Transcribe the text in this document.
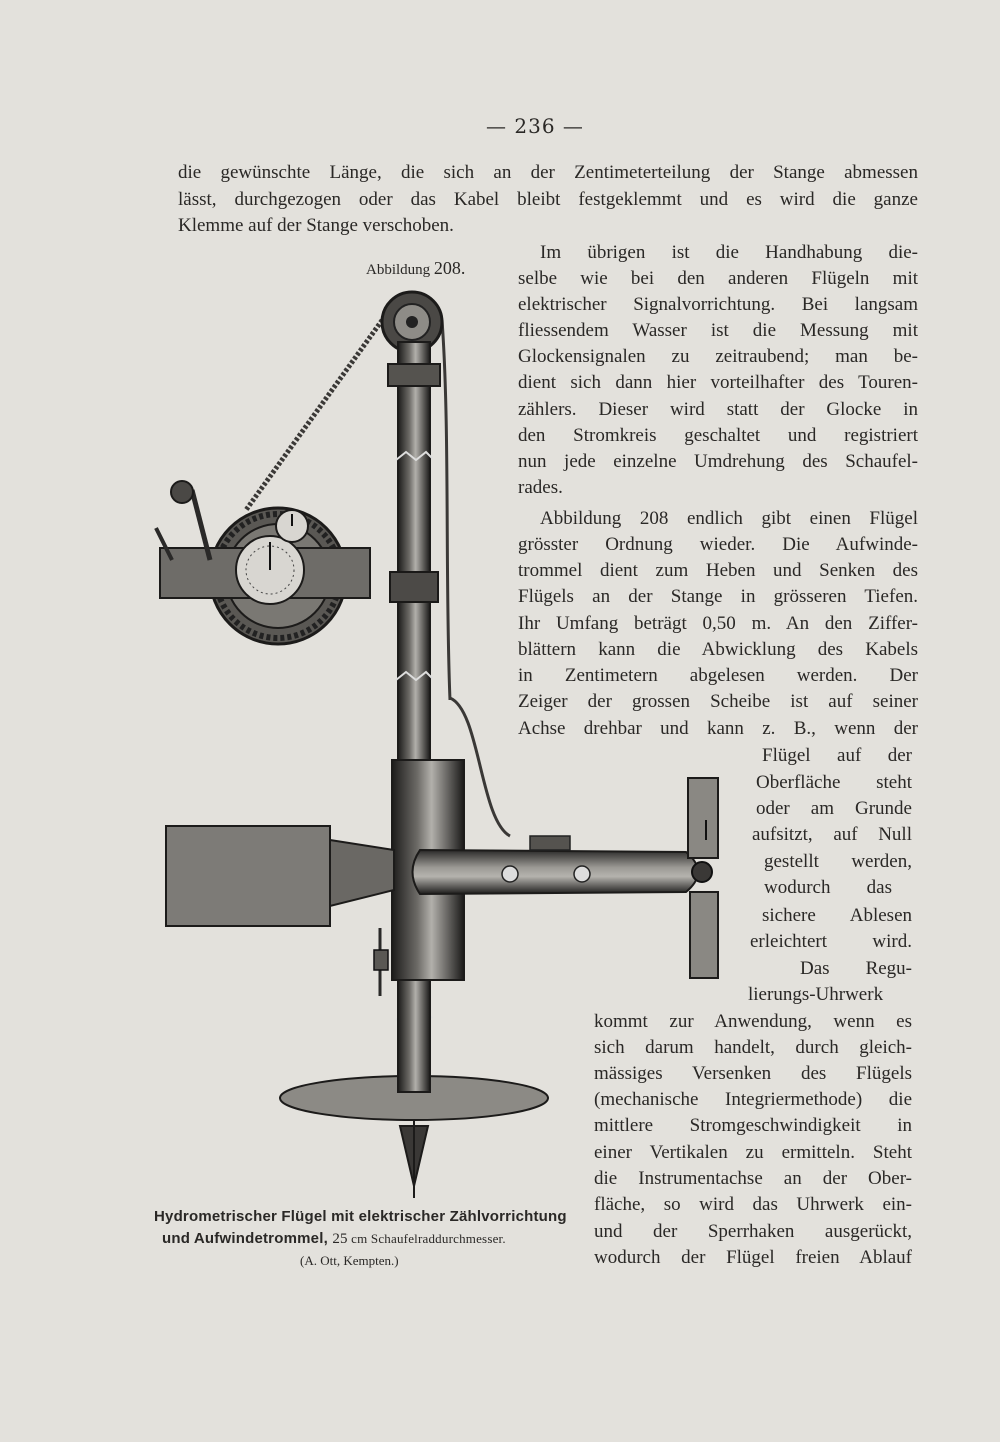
— 236 —
die gewünschte Länge, die sich an der Zentimeterteilung der Stange abmessen
lässt, durchgezogen oder das Kabel bleibt festgeklemmt und es wird die ganze
Klemme auf der Stange verschoben.
Im übrigen ist die Handhabung die-
selbe wie bei den anderen Flügeln mit
elektrischer Signalvorrichtung. Bei langsam
fliessendem Wasser ist die Messung mit
Glockensignalen zu zeitraubend; man be-
dient sich dann hier vorteilhafter des Touren-
zählers. Dieser wird statt der Glocke in
den Stromkreis geschaltet und registriert
nun jede einzelne Umdrehung des Schaufel-
rades.
Abbildung 208 endlich gibt einen Flügel
grösster Ordnung wieder. Die Aufwinde-
trommel dient zum Heben und Senken des
Flügels an der Stange in grösseren Tiefen.
Ihr Umfang beträgt 0,50 m. An den Ziffer-
blättern kann die Abwicklung des Kabels
in Zentimetern abgelesen werden. Der
Zeiger der grossen Scheibe ist auf seiner
Achse drehbar und kann z. B., wenn der
Flügel auf der
Oberfläche steht
oder am Grunde
aufsitzt, auf Null
gestellt werden,
wodurch das
sichere Ablesen
erleichtert wird.
Das Regu-
lierungs-Uhrwerk
kommt zur Anwendung, wenn es
sich darum handelt, durch gleich-
mässiges Versenken des Flügels
(mechanische Integriermethode) die
mittlere Stromgeschwindigkeit in
einer Vertikalen zu ermitteln. Steht
die Instrumentachse an der Ober-
fläche, so wird das Uhrwerk ein-
und der Sperrhaken ausgerückt,
wodurch der Flügel freien Ablauf
Abbildung 208.
Hydrometrischer Flügel mit elektrischer Zählvorrichtung
und Aufwindetrommel, 25 cm Schaufelraddurchmesser.
(A. Ott, Kempten.)
